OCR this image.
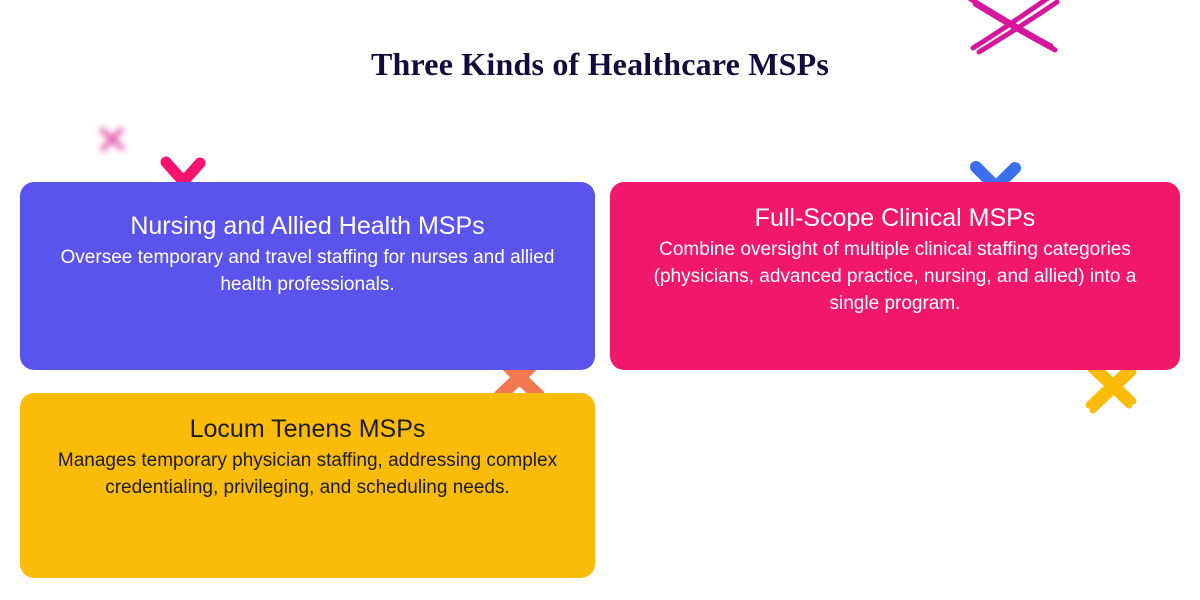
Three Kinds of Healthcare MSPs

Nursing and Allied Health MSPs

Oversee temporary and travel staffing for nurses and allied health professionals.

Full-Scope Clinical MSPs

Combine oversight of multiple clinical staffing categories (physicians, advanced practice, nursing, and allied) into a single program.

Locum Tenens MSPs

Manages temporary physician staffing, addressing complex credentialing, privileging, and scheduling needs.
